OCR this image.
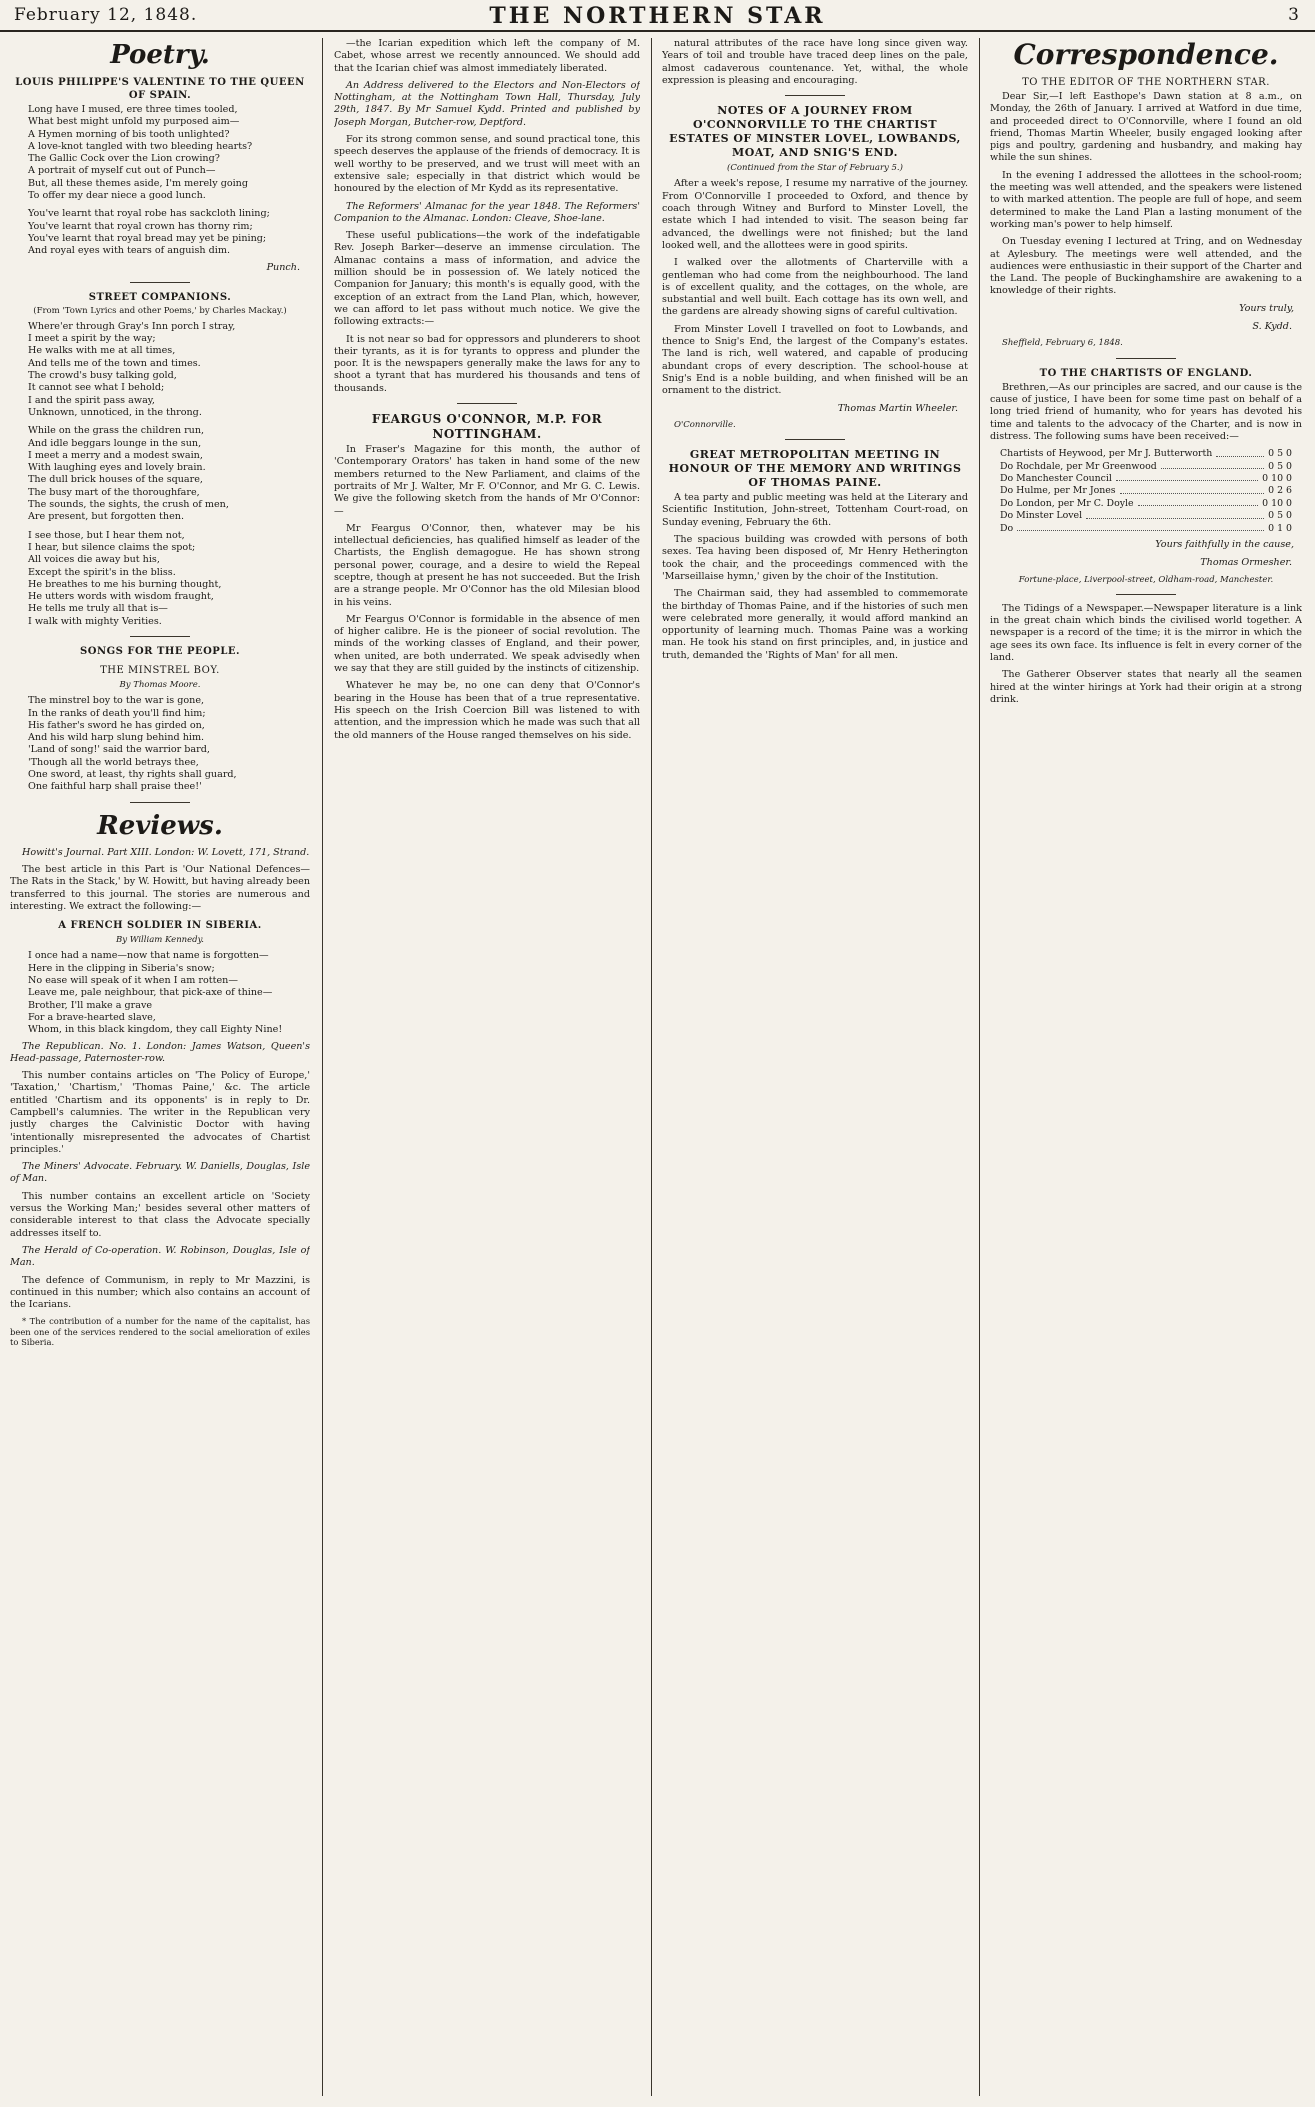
February 12, 1848.	THE NORTHERN STAR	3
Poetry.
LOUIS PHILIPPE'S VALENTINE TO THE QUEEN OF SPAIN.

Long have I mused, ere three times tooled,

What best might unfold my purposed aim—

A Hymen morning of bis tooth unlighted?

A love-knot tangled with two bleeding hearts?

The Gallic Cock over the Lion crowing?

A portrait of myself cut out of Punch—

But, all these themes aside, I'm merely going

To offer my dear niece a good lunch.

You've learnt that royal robe has sackcloth lining;

You've learnt that royal crown has thorny rim;

You've learnt that royal bread may yet be pining;

And royal eyes with tears of anguish dim.

Punch.
STREET COMPANIONS.
(From 'Town Lyrics and other Poems,' by Charles Mackay.)

Where'er through Gray's Inn porch I stray,

I meet a spirit by the way;

He walks with me at all times,

And tells me of the town and times.

The crowd's busy talking gold,

It cannot see what I behold;

I and the spirit pass away,

Unknown, unnoticed, in the throng.

While on the grass the children run,

And idle beggars lounge in the sun,

I meet a merry and a modest swain,

With laughing eyes and lovely brain.

The dull brick houses of the square,

The busy mart of the thoroughfare,

The sounds, the sights, the crush of men,

Are present, but forgotten then.

I see those, but I hear them not,

I hear, but silence claims the spot;

All voices die away but his,

Except the spirit's in the bliss.

He breathes to me his burning thought,

He utters words with wisdom fraught,

He tells me truly all that is—

I walk with mighty Verities.

SONGS FOR THE PEOPLE.
THE MINSTREL BOY.
By Thomas Moore.

The minstrel boy to the war is gone,

In the ranks of death you'll find him;

His father's sword he has girded on,

And his wild harp slung behind him.

'Land of song!' said the warrior bard,

'Though all the world betrays thee,

One sword, at least, thy rights shall guard,

One faithful harp shall praise thee!'

Reviews.

Howitt's Journal. Part XIII. London: W. Lovett, 171, Strand.

The best article in this Part is 'Our National Defences—The Rats in the Stack,' by W. Howitt, but having already been transferred to this journal. The stories are numerous and interesting. We extract the following:—

A FRENCH SOLDIER IN SIBERIA.
By William Kennedy.

I once had a name—now that name is forgotten—

Here in the clipping in Siberia's snow;

No ease will speak of it when I am rotten—

Leave me, pale neighbour, that pick-axe of thine—

Brother, I'll make a grave

For a brave-hearted slave,

Whom, in this black kingdom, they call Eighty Nine!

The Republican. No. 1. London: James Watson, Queen's Head-passage, Paternoster-row.

This number contains articles on 'The Policy of Europe,' 'Taxation,' 'Chartism,' 'Thomas Paine,' &c. The article entitled 'Chartism and its opponents' is in reply to Dr. Campbell's calumnies. The writer in the Republican very justly charges the Calvinistic Doctor with having 'intentionally misrepresented the advocates of Chartist principles.'

The Miners' Advocate. February. W. Daniells, Douglas, Isle of Man.

This number contains an excellent article on 'Society versus the Working Man;' besides several other matters of considerable interest to that class the Advocate specially addresses itself to.

The Herald of Co-operation. W. Robinson, Douglas, Isle of Man.

The defence of Communism, in reply to Mr Mazzini, is continued in this number; which also contains an account of the Icarians.

* The contribution of a number for the name of the capitalist, has been one of the services rendered to the social amelioration of exiles to Siberia.

—the Icarian expedition which left the company of M. Cabet, whose arrest we recently announced. We should add that the Icarian chief was almost immediately liberated.

An Address delivered to the Electors and Non-Electors of Nottingham, at the Nottingham Town Hall, Thursday, July 29th, 1847. By Mr Samuel Kydd. Printed and published by Joseph Morgan, Butcher-row, Deptford.

For its strong common sense, and sound practical tone, this speech deserves the applause of the friends of democracy. It is well worthy to be preserved, and we trust will meet with an extensive sale; especially in that district which would be honoured by the election of Mr Kydd as its representative.

The Reformers' Almanac for the year 1848. The Reformers' Companion to the Almanac. London: Cleave, Shoe-lane.

These useful publications—the work of the indefatigable Rev. Joseph Barker—deserve an immense circulation. The Almanac contains a mass of information, and advice the million should be in possession of. We lately noticed the Companion for January; this month's is equally good, with the exception of an extract from the Land Plan, which, however, we can afford to let pass without much notice. We give the following extracts:—

It is not near so bad for oppressors and plunderers to shoot their tyrants, as it is for tyrants to oppress and plunder the poor. It is the newspapers generally make the laws for any to shoot a tyrant that has murdered his thousands and tens of thousands.

FEARGUS O'CONNOR, M.P. FOR NOTTINGHAM.

In Fraser's Magazine for this month, the author of 'Contemporary Orators' has taken in hand some of the new members returned to the New Parliament, and claims of the portraits of Mr J. Walter, Mr F. O'Connor, and Mr G. C. Lewis. We give the following sketch from the hands of Mr O'Connor:—

Mr Feargus O'Connor, then, whatever may be his intellectual deficiencies, has qualified himself as leader of the Chartists, the English demagogue. He has shown strong personal power, courage, and a desire to wield the Repeal sceptre, though at present he has not succeeded. But the Irish are a strange people. Mr O'Connor has the old Milesian blood in his veins.

Mr Feargus O'Connor is formidable in the absence of men of higher calibre. He is the pioneer of social revolution. The minds of the working classes of England, and their power, when united, are both underrated. We speak advisedly when we say that they are still guided by the instincts of citizenship.

Whatever he may be, no one can deny that O'Connor's bearing in the House has been that of a true representative. His speech on the Irish Coercion Bill was listened to with attention, and the impression which he made was such that all the old manners of the House ranged themselves on his side.

natural attributes of the race have long since given way. Years of toil and trouble have traced deep lines on the pale, almost cadaverous countenance. Yet, withal, the whole expression is pleasing and encouraging.

NOTES OF A JOURNEY FROM O'CONNORVILLE TO THE CHARTIST ESTATES OF MINSTER LOVEL, LOWBANDS, MOAT, AND SNIG'S END.
(Continued from the Star of February 5.)

After a week's repose, I resume my narrative of the journey. From O'Connorville I proceeded to Oxford, and thence by coach through Witney and Burford to Minster Lovell, the estate which I had intended to visit. The season being far advanced, the dwellings were not finished; but the land looked well, and the allottees were in good spirits.

I walked over the allotments of Charterville with a gentleman who had come from the neighbourhood. The land is of excellent quality, and the cottages, on the whole, are substantial and well built. Each cottage has its own well, and the gardens are already showing signs of careful cultivation.

From Minster Lovell I travelled on foot to Lowbands, and thence to Snig's End, the largest of the Company's estates. The land is rich, well watered, and capable of producing abundant crops of every description. The school-house at Snig's End is a noble building, and when finished will be an ornament to the district.

Thomas Martin Wheeler.
O'Connorville.
GREAT METROPOLITAN MEETING IN HONOUR OF THE MEMORY AND WRITINGS OF THOMAS PAINE.

A tea party and public meeting was held at the Literary and Scientific Institution, John-street, Tottenham Court-road, on Sunday evening, February the 6th.

The spacious building was crowded with persons of both sexes. Tea having been disposed of, Mr Henry Hetherington took the chair, and the proceedings commenced with the 'Marseillaise hymn,' given by the choir of the Institution.

The Chairman said, they had assembled to commemorate the birthday of Thomas Paine, and if the histories of such men were celebrated more generally, it would afford mankind an opportunity of learning much. Thomas Paine was a working man. He took his stand on first principles, and, in justice and truth, demanded the 'Rights of Man' for all men.

Correspondence.
TO THE EDITOR OF THE NORTHERN STAR.

Dear Sir,—I left Easthope's Dawn station at 8 a.m., on Monday, the 26th of January. I arrived at Watford in due time, and proceeded direct to O'Connorville, where I found an old friend, Thomas Martin Wheeler, busily engaged looking after pigs and poultry, gardening and husbandry, and making hay while the sun shines.

In the evening I addressed the allottees in the school-room; the meeting was well attended, and the speakers were listened to with marked attention. The people are full of hope, and seem determined to make the Land Plan a lasting monument of the working man's power to help himself.

On Tuesday evening I lectured at Tring, and on Wednesday at Aylesbury. The meetings were well attended, and the audiences were enthusiastic in their support of the Charter and the Land. The people of Buckinghamshire are awakening to a knowledge of their rights.

Yours truly,
S. Kydd.
Sheffield, February 6, 1848.
TO THE CHARTISTS OF ENGLAND.

Brethren,—As our principles are sacred, and our cause is the cause of justice, I have been for some time past on behalf of a long tried friend of humanity, who for years has devoted his time and talents to the advocacy of the Charter, and is now in distress. The following sums have been received:—

Chartists of Heywood, per Mr J. Butterworth	0 5 0
Do Rochdale, per Mr Greenwood	0 5 0
Do Manchester Council	0 10 0
Do Hulme, per Mr Jones	0 2 6
Do London, per Mr C. Doyle	0 10 0
Do Minster Lovel	0 5 0
Do	0 1 0
Yours faithfully in the cause,
Thomas Ormesher.
Fortune-place, Liverpool-street, Oldham-road, Manchester.

The Tidings of a Newspaper.—Newspaper literature is a link in the great chain which binds the civilised world together. A newspaper is a record of the time; it is the mirror in which the age sees its own face. Its influence is felt in every corner of the land.

The Gatherer Observer states that nearly all the seamen hired at the winter hirings at York had their origin at a strong drink.
